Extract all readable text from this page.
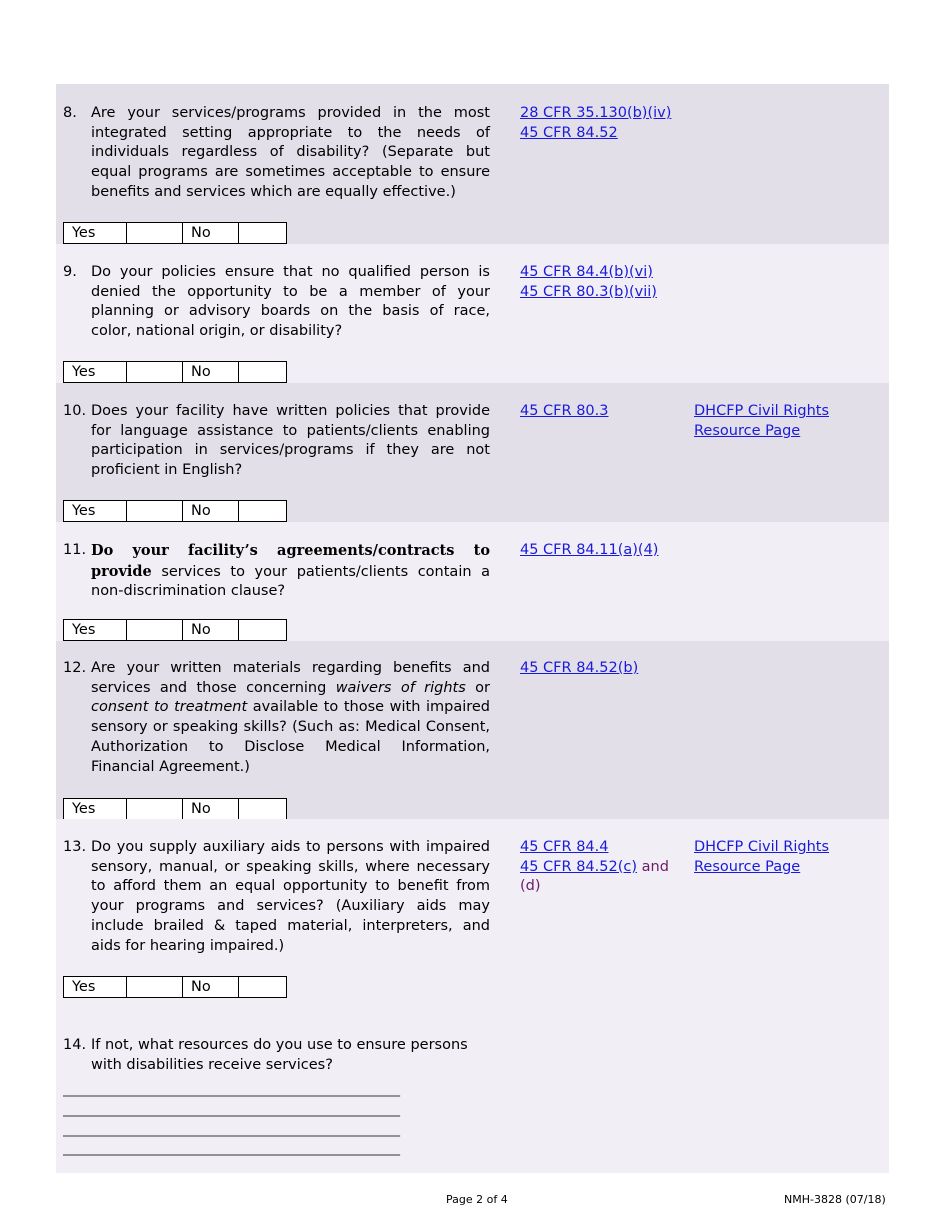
8. Are your services/programs provided in the most integrated setting appropriate to the needs of individuals regardless of disability? (Separate but equal programs are sometimes acceptable to ensure benefits and services which are equally effective.)
28 CFR 35.130(b)(iv)
45 CFR 84.52
Yes	No
9. Do your policies ensure that no qualified person is denied the opportunity to be a member of your planning or advisory boards on the basis of race, color, national origin, or disability?
45 CFR 84.4(b)(vi)
45 CFR 80.3(b)(vii)
Yes	No
10. Does your facility have written policies that provide for language assistance to patients/clients enabling participation in services/programs if they are not proficient in English?
45 CFR 80.3	DHCFP Civil Rights Resource Page
Yes	No
11. Do your facility’s agreements/contracts to provide services to your patients/clients contain a non-discrimination clause?
45 CFR 84.11(a)(4)
Yes	No
12. Are your written materials regarding benefits and services and those concerning waivers of rights or consent to treatment available to those with impaired sensory or speaking skills? (Such as: Medical Consent, Authorization to Disclose Medical Information, Financial Agreement.)
45 CFR 84.52(b)
Yes	No
13. Do you supply auxiliary aids to persons with impaired sensory, manual, or speaking skills, where necessary to afford them an equal opportunity to benefit from your programs and services? (Auxiliary aids may include brailed & taped material, interpreters, and aids for hearing impaired.)
45 CFR 84.4
45 CFR 84.52(c) and (d)
DHCFP Civil Rights Resource Page
Yes	No
14. If not, what resources do you use to ensure persons with disabilities receive services?
___________________________________________________
___________________________________________________
___________________________________________________
___________________________________________________
Page 2 of 4	NMH-3828 (07/18)
